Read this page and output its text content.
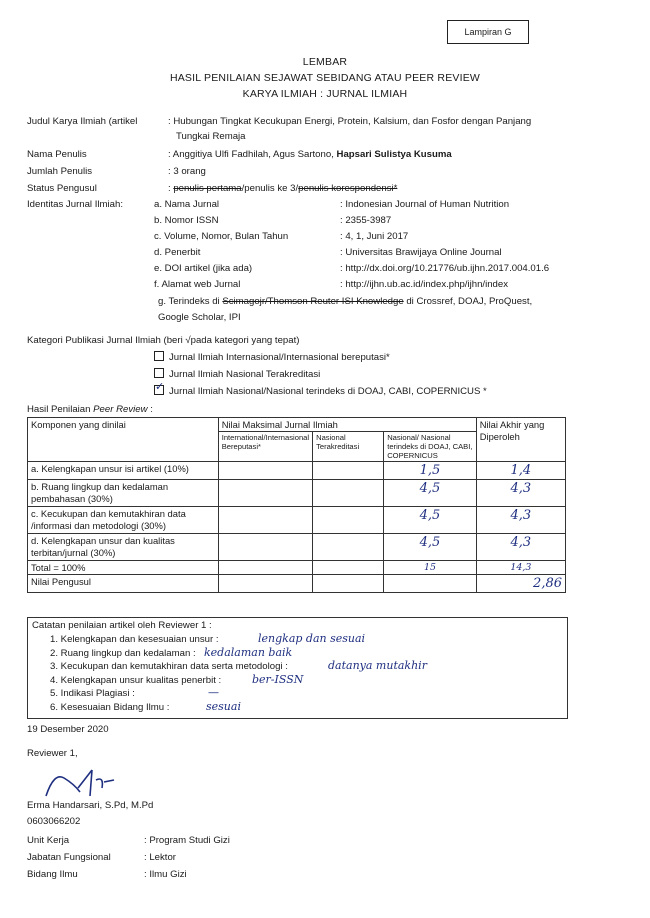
Lampiran G
LEMBAR
HASIL PENILAIAN SEJAWAT SEBIDANG ATAU PEER REVIEW
KARYA ILMIAH : JURNAL ILMIAH
Judul Karya Ilmiah (artikel	: Hubungan Tingkat Kecukupan Energi, Protein, Kalsium, dan Fosfor dengan Panjang
Tungkai Remaja
Nama Penulis	: Anggitiya Ulfi Fadhilah, Agus Sartono, Hapsari Sulistya Kusuma
Jumlah Penulis	: 3 orang
Status Pengusul	: penulis pertama/penulis ke 3/penulis korespondensi*
Identitas Jurnal Ilmiah:	a. Nama Jurnal	: Indonesian Journal of Human Nutrition
b. Nomor ISSN	: 2355-3987
c. Volume, Nomor, Bulan Tahun	: 4, 1, Juni 2017
d. Penerbit	: Universitas Brawijaya Online Journal
e. DOI artikel (jika ada)	: http://dx.doi.org/10.21776/ub.ijhn.2017.004.01.6
f. Alamat web Jurnal	: http://ijhn.ub.ac.id/index.php/ijhn/index
g. Terindeks di Scimagojr/Thomson Reuter ISI Knowledge di Crossref, DOAJ, ProQuest,
Google Scholar, IPI
Kategori Publikasi Jurnal Ilmiah (beri √pada kategori yang tepat)
Jurnal Ilmiah Internasional/Internasional bereputasi*
Jurnal Ilmiah Nasional Terakreditasi
✓Jurnal Ilmiah Nasional/Nasional terindeks di DOAJ, CABI, COPERNICUS *
Hasil Penilaian Peer Review :
Komponen yang dinilai	Nilai Maksimal Jurnal Ilmiah			Nilai Akhir yang Diperoleh
	International/Internasional Bereputasi*	Nasional Terakreditasi	Nasional/ Nasional terindeks di DOAJ, CABI, COPERNICUS	
a. Kelengkapan unsur isi artikel (10%)			1,5	1,4
b. Ruang lingkup dan kedalaman pembahasan (30%)			4,5	4,3
c. Kecukupan dan kemutakhiran data /informasi dan metodologi (30%)			4,5	4,3
d. Kelengkapan unsur dan kualitas terbitan/jurnal (30%)			4,5	4,3
Total = 100%			15	14,3
Nilai Pengusul				2,86
Catatan penilaian artikel oleh Reviewer 1 :
1. Kelengkapan dan kesesuaian unsur :	lengkap dan sesuai
2. Ruang lingkup dan kedalaman : kedalaman baik
3. Kecukupan dan kemutakhiran data serta metodologi :	datanya mutakhir
4. Kelengkapan unsur kualitas penerbit :	ber-ISSN
5. Indikasi Plagiasi :	—
6. Kesesuaian Bidang Ilmu :	sesuai
19 Desember 2020
Reviewer 1,
Erma Handarsari, S.Pd, M.Pd
0603066202
Unit Kerja	: Program Studi Gizi
Jabatan Fungsional	: Lektor
Bidang Ilmu	: Ilmu Gizi
